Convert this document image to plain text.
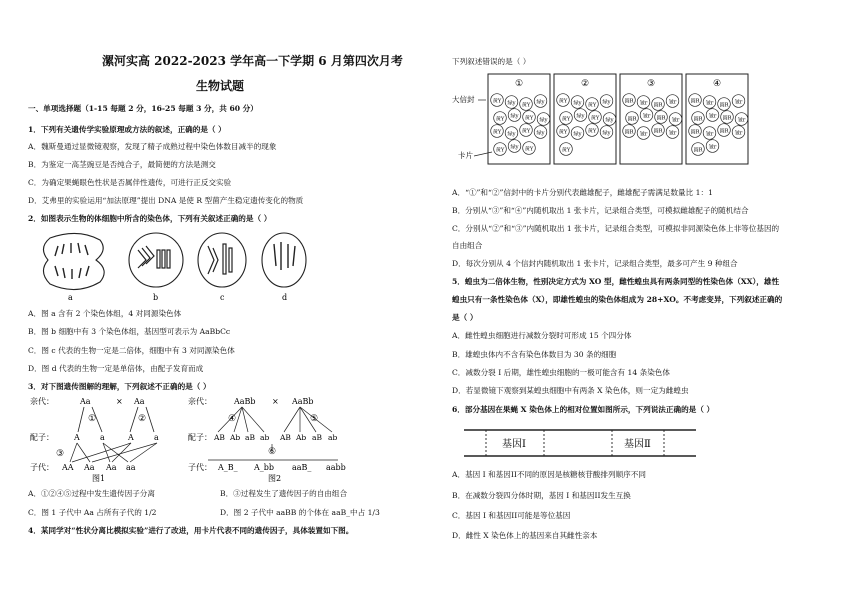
漯河实高 2022-2023 学年高一下学期 6 月第四次月考
生物试题
一、单项选择题（1-15 每题 2 分，16-25 每题 3 分，共 60 分）
1．下列有关遗传学实验原理或方法的叙述，正确的是（ ）
A．魏斯曼通过显微镜观察，发现了精子成熟过程中染色体数目减半的现象
B．为鉴定一高茎豌豆是否纯合子，最简便的方法是测交
C．为确定果蝇眼色性状是否属伴性遗传，可进行正反交实验
D．艾弗里的实验运用“加法原理”提出 DNA 是使 R 型菌产生稳定遗传变化的物质
2．如图表示生物的体细胞中所含的染色体，下列有关叙述正确的是（ ）
a	b	c	d
A．图 a 含有 2 个染色体组，4 对同源染色体
B．图 b 细胞中有 3 个染色体组，基因型可表示为 AaBbCc
C．图 c 代表的生物一定是二倍体，细胞中有 3 对同源染色体
D．图 d 代表的生物一定是单倍体，由配子发育而成
3．对下图遗传图解的理解，下列叙述不正确的是（ ）
亲代：	Aa	× Aa
①	②
配子：	A	a	A	a
③
子代： AA Aa Aa aa
图1
亲代：	AaBb × AaBb
④	⑤
配子： AB Ab aB ab AB Ab aB ab
⑥
子代： A_B_ A_bb aaB_ aabb
图2
A．①②④⑤过程中发生遗传因子分离	B．③过程发生了遗传因子的自由组合
C．图 1 子代中 Aa 占所有子代的 1/2	D．图 2 子代中 aaBB 的个体在 aaB_中占 1/3
4．某同学对“性状分离比模拟实验”进行了改进，用卡片代表不同的遗传因子，具体装置如下图。
下列叙述错误的是（ ）
大信封
卡片
①
黄Y 绿y 黄Y 绿y
黄Y 绿y 黄Y 绿y
黄Y 绿y 黄Y 绿y
黄Y 绿y 黄Y
②
黄Y 绿y 黄Y 绿y
黄Y 绿y 黄Y 绿y
黄Y 绿y 黄Y 绿y
黄Y
③
圆R 皱r 圆R 皱r
圆R 皱r 圆R 皱r
圆R 皱r 圆R 皱r
④
圆R 皱r 圆R 皱r
圆R 皱r 圆R 皱r
圆R 皱r 圆R 皱r
圆R 皱r
A．“①”和“②”信封中的卡片分别代表雌雄配子，雌雄配子需满足数量比 1：1
B．分别从“③”和“④”内随机取出 1 张卡片，记录组合类型，可模拟雌雄配子的随机结合
C．分别从“②”和“③”内随机取出 1 张卡片，记录组合类型，可模拟非同源染色体上非等位基因的
自由组合
D．每次分别从 4 个信封内随机取出 1 张卡片，记录组合类型，最多可产生 9 种组合
5．蝗虫为二倍体生物，性别决定方式为 XO 型，雌性蝗虫具有两条同型的性染色体（XX），雄性
蝗虫只有一条性染色体（X），即雄性蝗虫的染色体组成为 28+XO。不考虑变异，下列叙述正确的
是（ ）
A．雌性蝗虫细胞进行减数分裂时可形成 15 个四分体
B．雄蝗虫体内不含有染色体数目为 30 条的细胞
C．减数分裂 I 后期，雄性蝗虫细胞的一极可能含有 14 条染色体
D．若显微镜下观察到某蝗虫细胞中有两条 X 染色体，则一定为雌蝗虫
6．部分基因在果蝇 X 染色体上的相对位置如图所示，下列说法正确的是（ ）
基因Ⅰ	基因Ⅱ
A．基因 I 和基因II不同的原因是核糖核苷酸排列顺序不同
B．在减数分裂四分体时期，基因 I 和基因II发生互换
C．基因 I 和基因II可能是等位基因
D．雌性 X 染色体上的基因来自其雌性亲本
